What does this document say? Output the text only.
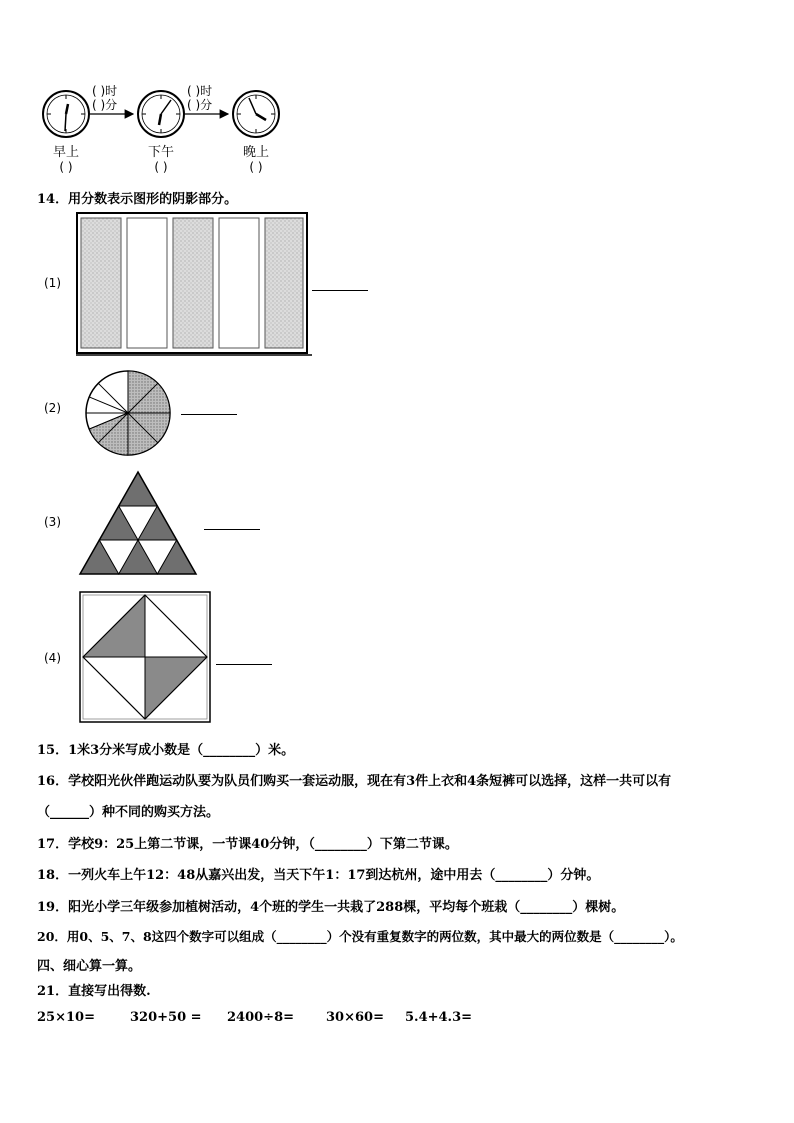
( )时
( )分
( )时
( )分
早上	下午	晚上
( )	( )	( )
14．用分数表示图形的阴影部分。
(1)
(2)
(3)
(4)
15．1米3分米写成小数是（________）米。
16．学校阳光伙伴跑运动队要为队员们购买一套运动服，现在有3件上衣和4条短裤可以选择，这样一共可以有
（______）种不同的购买方法。
17．学校9：25上第二节课，一节课40分钟，（________）下第二节课。
18．一列火车上午12：48从嘉兴出发，当天下午1：17到达杭州，途中用去（________）分钟。
19．阳光小学三年级参加植树活动，4个班的学生一共栽了288棵，平均每个班栽（________）棵树。
20．用0、5、7、8这四个数字可以组成（________）个没有重复数字的两位数，其中最大的两位数是（________）。
四、细心算一算。
21．直接写出得数.
25×10=	320+50 = 2400÷8= 30×60= 5.4+4.3=
